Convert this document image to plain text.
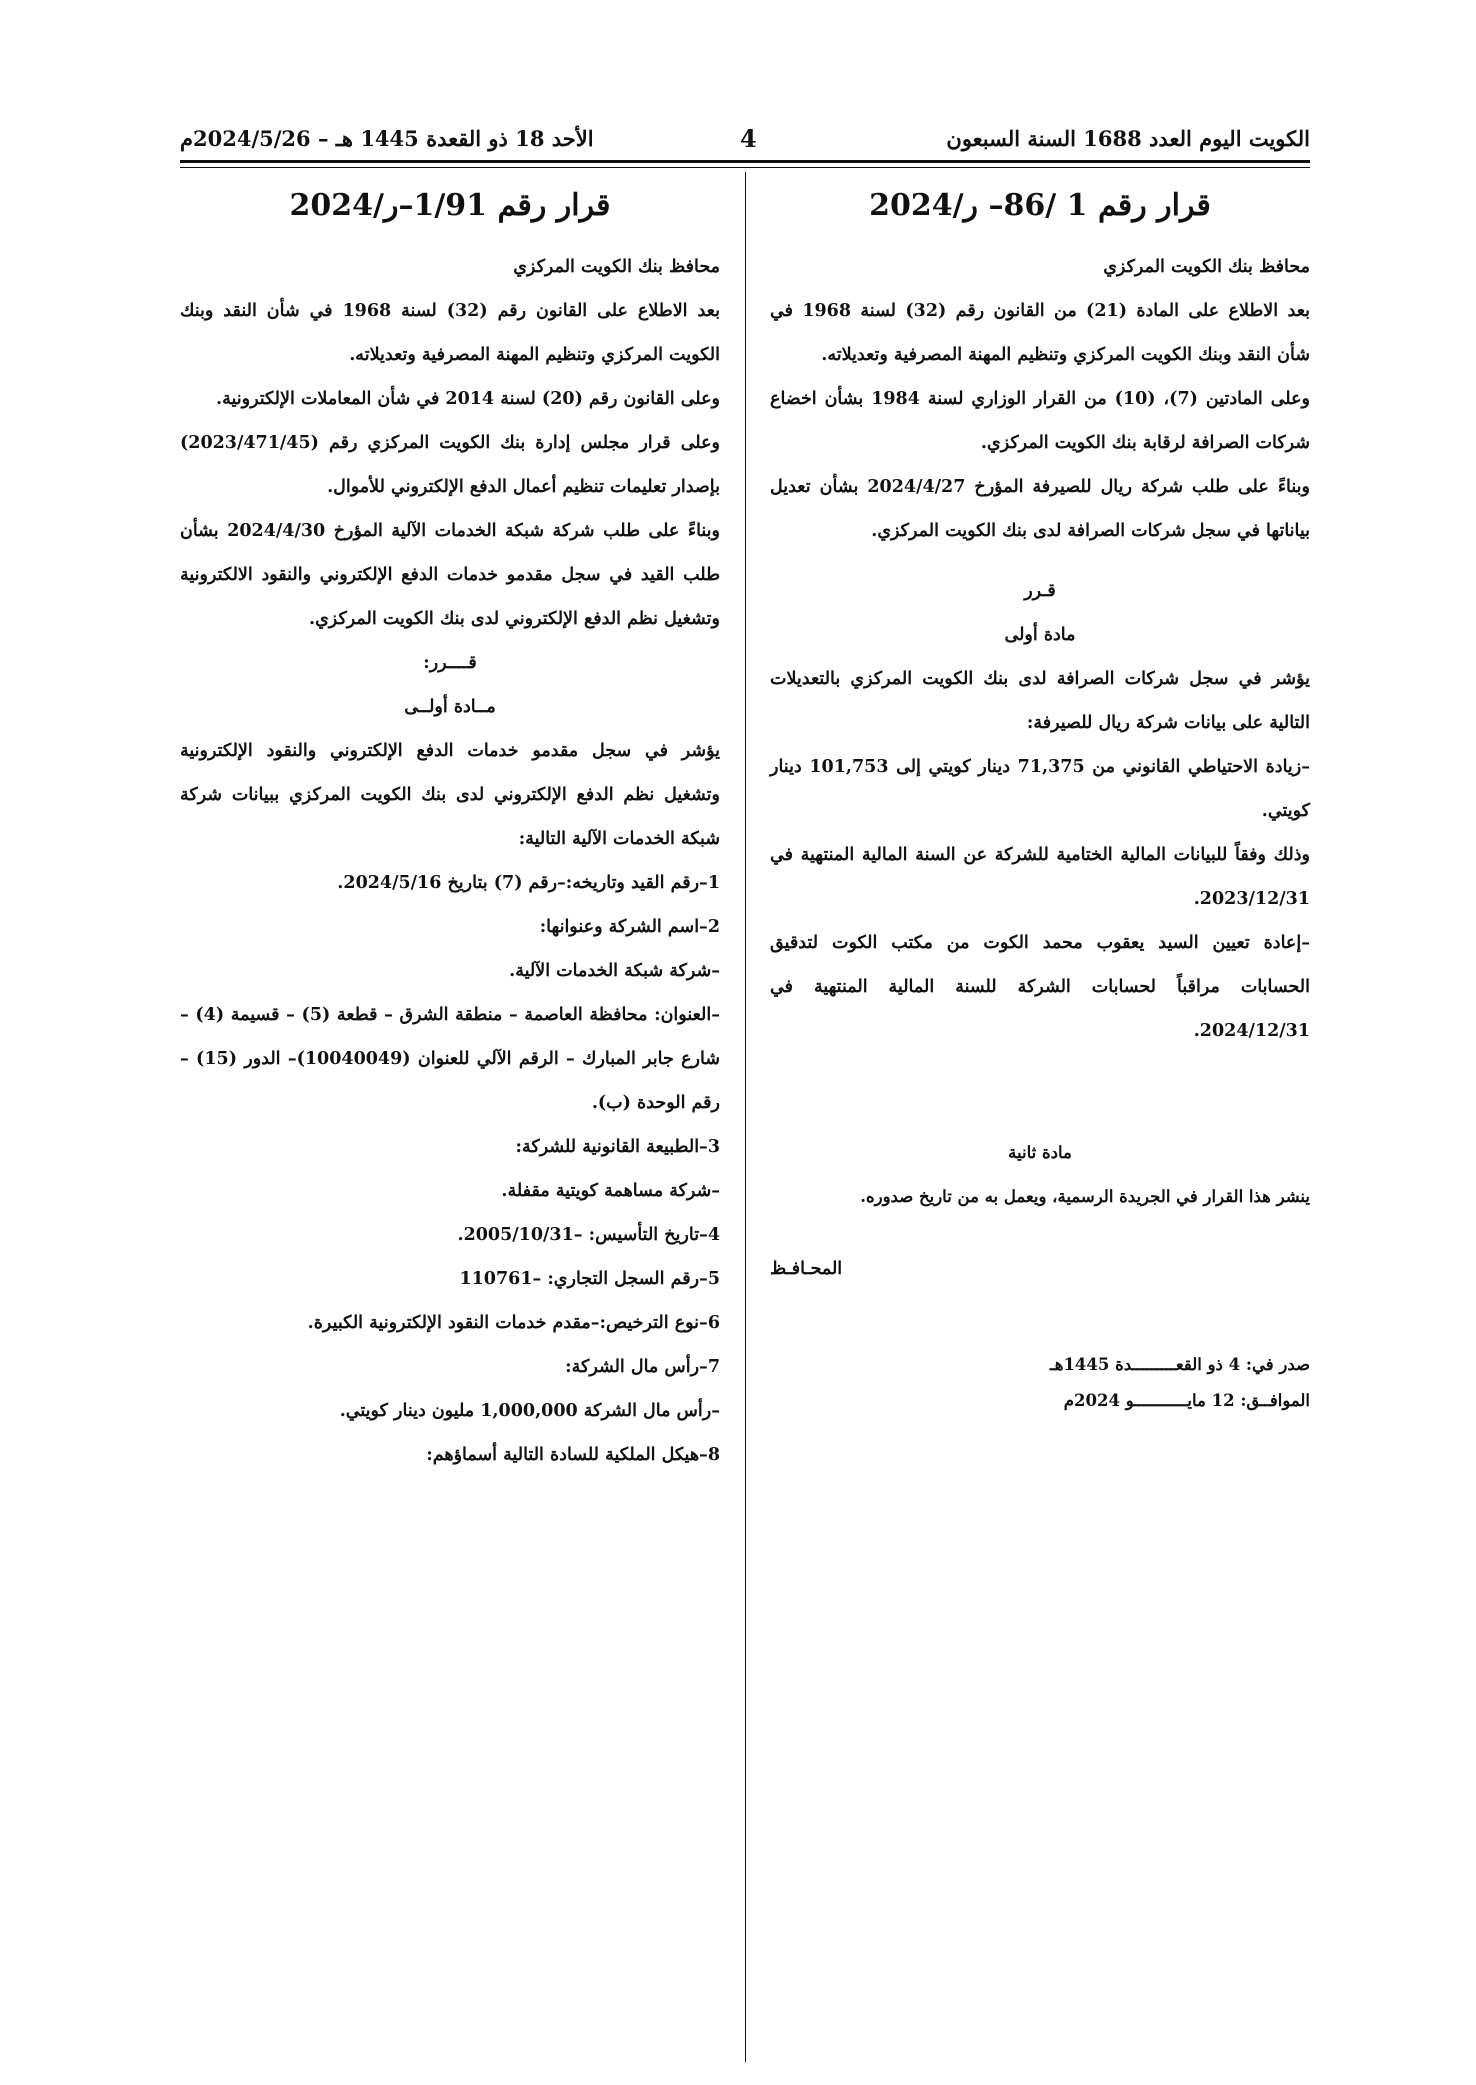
الكويت اليوم العدد 1688 السنة السبعون
4
الأحد 18 ذو القعدة 1445 هـ – 2024/5/26م
قرار رقم 1 /86– ر/2024

محافظ بنك الكويت المركزي

بعد الاطلاع على المادة (21) من القانون رقم (32) لسنة 1968 في شأن النقد وبنك الكويت المركزي وتنظيم المهنة المصرفية وتعديلاته.

وعلى المادتين (7)، (10) من القرار الوزاري لسنة 1984 بشأن اخضاع شركات الصرافة لرقابة بنك الكويت المركزي.

وبناءً على طلب شركة ريال للصيرفة المؤرخ 2024/4/27 بشأن تعديل بياناتها في سجل شركات الصرافة لدى بنك الكويت المركزي.

قـرر

مادة أولى

يؤشر في سجل شركات الصرافة لدى بنك الكويت المركزي بالتعديلات التالية على بيانات شركة ريال للصيرفة:

–زيادة الاحتياطي القانوني من 71,375 دينار كويتي إلى 101,753 دينار كويتي.

وذلك وفقاً للبيانات المالية الختامية للشركة عن السنة المالية المنتهية في 2023/12/31.

–إعادة تعيين السيد يعقوب محمد الكوت من مكتب الكوت لتدقيق الحسابات مراقباً لحسابات الشركة للسنة المالية المنتهية في 2024/12/31.

مادة ثانية

ينشر هذا القرار في الجريدة الرسمية، ويعمل به من تاريخ صدوره.

المحـافـظ

صدر في: 4 ذو القعـــــــــدة 1445هـ

الموافــق: 12 مايـــــــــــو 2024م

قرار رقم 1/91–ر/2024

محافظ بنك الكويت المركزي

بعد الاطلاع على القانون رقم (32) لسنة 1968 في شأن النقد وبنك الكويت المركزي وتنظيم المهنة المصرفية وتعديلاته.

وعلى القانون رقم (20) لسنة 2014 في شأن المعاملات الإلكترونية.

وعلى قرار مجلس إدارة بنك الكويت المركزي رقم (2023/471/45) بإصدار تعليمات تنظيم أعمال الدفع الإلكتروني للأموال.

وبناءً على طلب شركة شبكة الخدمات الآلية المؤرخ 2024/4/30 بشأن طلب القيد في سجل مقدمو خدمات الدفع الإلكتروني والنقود الالكترونية وتشغيل نظم الدفع الإلكتروني لدى بنك الكويت المركزي.

قــــرر:

مــادة أولــى

يؤشر في سجل مقدمو خدمات الدفع الإلكتروني والنقود الإلكترونية وتشغيل نظم الدفع الإلكتروني لدى بنك الكويت المركزي ببيانات شركة شبكة الخدمات الآلية التالية:

1–رقم القيد وتاريخه:–رقم (7) بتاريخ 2024/5/16.

2–اسم الشركة وعنوانها:

–شركة شبكة الخدمات الآلية.

–العنوان: محافظة العاصمة – منطقة الشرق – قطعة (5) – قسيمة (4) – شارع جابر المبارك – الرقم الآلي للعنوان (10040049)– الدور (15) – رقم الوحدة (ب).

3–الطبيعة القانونية للشركة:

–شركة مساهمة كويتية مقفلة.

4–تاريخ التأسيس: –2005/10/31.

5–رقم السجل التجاري: –110761

6–نوع الترخيص:–مقدم خدمات النقود الإلكترونية الكبيرة.

7–رأس مال الشركة:

–رأس مال الشركة 1,000,000 مليون دينار كويتي.

8–هيكل الملكية للسادة التالية أسماؤهم:
